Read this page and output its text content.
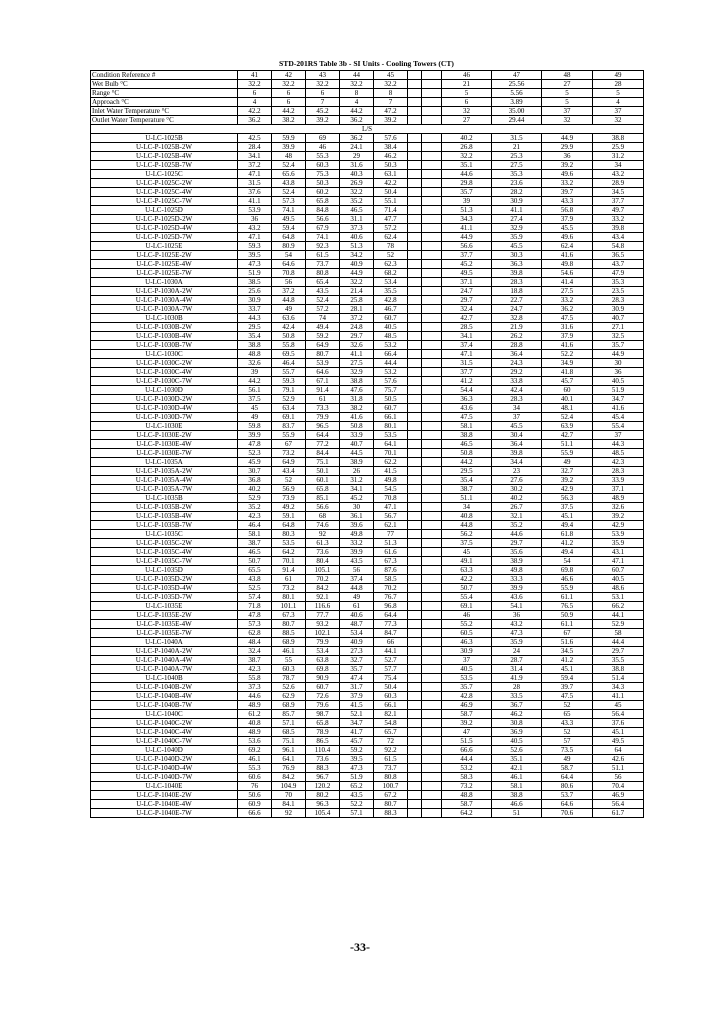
STD-201RS Table 3b - SI Units - Cooling Towers (CT)
Condition Reference #	41	42	43	44	45			46	47	48	49
Wet Bulb °C	32.2	32.2	32.2	32.2	32.2			21	25.56	27	28
Range °C	6	6	6	8	8			5	5.56	5	5
Approach °C	4	6	7	4	7			6	3.89	5	4
Inlet Water Temperature °C	42.2	44.2	45.2	44.2	47.2			32	35.00	37	37
Outlet Water Temperature °C	36.2	38.2	39.2	36.2	39.2			27	29.44	32	32
L/S											
U-LC-1025B	42.5	59.9	69	36.2	57.6			40.2	31.5	44.9	38.8
U-LC-P-1025B-2W	28.4	39.9	46	24.1	38.4			26.8	21	29.9	25.9
U-LC-P-1025B-4W	34.1	48	55.3	29	46.2			32.2	25.3	36	31.2
U-LC-P-1025B-7W	37.2	52.4	60.3	31.6	50.3			35.1	27.5	39.2	34
U-LC-1025C	47.1	65.6	75.3	40.3	63.1			44.6	35.3	49.6	43.2
U-LC-P-1025C-2W	31.5	43.8	50.3	26.9	42.2			29.8	23.6	33.2	28.9
U-LC-P-1025C-4W	37.6	52.4	60.2	32.2	50.4			35.7	28.2	39.7	34.5
U-LC-P-1025C-7W	41.1	57.3	65.8	35.2	55.1			39	30.9	43.3	37.7
U-LC-1025D	53.9	74.1	84.8	46.5	71.4			51.3	41.1	56.8	49.7
U-LC-P-1025D-2W	36	49.5	56.6	31.1	47.7			34.3	27.4	37.9	33.2
U-LC-P-1025D-4W	43.2	59.4	67.9	37.3	57.2			41.1	32.9	45.5	39.8
U-LC-P-1025D-7W	47.1	64.8	74.1	40.6	62.4			44.9	35.9	49.6	43.4
U-LC-1025E	59.3	80.9	92.3	51.3	78			56.6	45.5	62.4	54.8
U-LC-P-1025E-2W	39.5	54	61.5	34.2	52			37.7	30.3	41.6	36.5
U-LC-P-1025E-4W	47.3	64.6	73.7	40.9	62.3			45.2	36.3	49.8	43.7
U-LC-P-1025E-7W	51.9	70.8	80.8	44.9	68.2			49.5	39.8	54.6	47.9
U-LC-1030A	38.5	56	65.4	32.2	53.4			37.1	28.3	41.4	35.3
U-LC-P-1030A-2W	25.6	37.2	43.5	21.4	35.5			24.7	18.8	27.5	23.5
U-LC-P-1030A-4W	30.9	44.8	52.4	25.8	42.8			29.7	22.7	33.2	28.3
U-LC-P-1030A-7W	33.7	49	57.2	28.1	46.7			32.4	24.7	36.2	30.9
U-LC-1030B	44.3	63.6	74	37.2	60.7			42.7	32.8	47.5	40.7
U-LC-P-1030B-2W	29.5	42.4	49.4	24.8	40.5			28.5	21.9	31.6	27.1
U-LC-P-1030B-4W	35.4	50.8	59.2	29.7	48.5			34.1	26.2	37.9	32.5
U-LC-P-1030B-7W	38.8	55.8	64.9	32.6	53.2			37.4	28.8	41.6	35.7
U-LC-1030C	48.8	69.5	80.7	41.1	66.4			47.1	36.4	52.2	44.9
U-LC-P-1030C-2W	32.6	46.4	53.9	27.5	44.4			31.5	24.3	34.9	30
U-LC-P-1030C-4W	39	55.7	64.6	32.9	53.2			37.7	29.2	41.8	36
U-LC-P-1030C-7W	44.2	59.3	67.1	38.8	57.6			41.2	33.8	45.7	40.5
U-LC-1030D	56.1	79.1	91.4	47.6	75.7			54.4	42.4	60	51.9
U-LC-P-1030D-2W	37.5	52.9	61	31.8	50.5			36.3	28.3	40.1	34.7
U-LC-P-1030D-4W	45	63.4	73.3	38.2	60.7			43.6	34	48.1	41.6
U-LC-P-1030D-7W	49	69.1	79.9	41.6	66.1			47.5	37	52.4	45.4
U-LC-1030E	59.8	83.7	96.5	50.8	80.1			58.1	45.5	63.9	55.4
U-LC-P-1030E-2W	39.9	55.9	64.4	33.9	53.5			38.8	30.4	42.7	37
U-LC-P-1030E-4W	47.8	67	77.2	40.7	64.1			46.5	36.4	51.1	44.3
U-LC-P-1030E-7W	52.3	73.2	84.4	44.5	70.1			50.8	39.8	55.9	48.5
U-LC-1035A	45.9	64.9	75.1	38.9	62.2			44.2	34.4	49	42.3
U-LC-P-1035A-2W	30.7	43.4	50.1	26	41.5			29.5	23	32.7	28.3
U-LC-P-1035A-4W	36.8	52	60.1	31.2	49.8			35.4	27.6	39.2	33.9
U-LC-P-1035A-7W	40.2	56.9	65.8	34.1	54.5			38.7	30.2	42.9	37.1
U-LC-1035B	52.9	73.9	85.1	45.2	70.8			51.1	40.2	56.3	48.9
U-LC-P-1035B-2W	35.2	49.2	56.6	30	47.1			34	26.7	37.5	32.6
U-LC-P-1035B-4W	42.3	59.1	68	36.1	56.7			40.8	32.1	45.1	39.2
U-LC-P-1035B-7W	46.4	64.8	74.6	39.6	62.1			44.8	35.2	49.4	42.9
U-LC-1035C	58.1	80.3	92	49.8	77			56.2	44.6	61.8	53.9
U-LC-P-1035C-2W	38.7	53.5	61.3	33.2	51.3			37.5	29.7	41.2	35.9
U-LC-P-1035C-4W	46.5	64.2	73.6	39.9	61.6			45	35.6	49.4	43.1
U-LC-P-1035C-7W	50.7	70.1	80.4	43.5	67.3			49.1	38.9	54	47.1
U-LC-1035D	65.5	91.4	105.1	56	87.6			63.3	49.8	69.8	60.7
U-LC-P-1035D-2W	43.8	61	70.2	37.4	58.5			42.2	33.3	46.6	40.5
U-LC-P-1035D-4W	52.5	73.2	84.2	44.8	70.2			50.7	39.9	55.9	48.6
U-LC-P-1035D-7W	57.4	80.1	92.1	49	76.7			55.4	43.6	61.1	53.1
U-LC-1035E	71.8	101.1	116.6	61	96.8			69.1	54.1	76.5	66.2
U-LC-P-1035E-2W	47.8	67.3	77.7	40.6	64.4			46	36	50.9	44.1
U-LC-P-1035E-4W	57.3	80.7	93.2	48.7	77.3			55.2	43.2	61.1	52.9
U-LC-P-1035E-7W	62.8	88.5	102.1	53.4	84.7			60.5	47.3	67	58
U-LC-1040A	48.4	68.9	79.9	40.9	66			46.3	35.9	51.6	44.4
U-LC-P-1040A-2W	32.4	46.1	53.4	27.3	44.1			30.9	24	34.5	29.7
U-LC-P-1040A-4W	38.7	55	63.8	32.7	52.7			37	28.7	41.2	35.5
U-LC-P-1040A-7W	42.3	60.3	69.8	35.7	57.7			40.5	31.4	45.1	38.8
U-LC-1040B	55.8	78.7	90.9	47.4	75.4			53.5	41.9	59.4	51.4
U-LC-P-1040B-2W	37.3	52.6	60.7	31.7	50.4			35.7	28	39.7	34.3
U-LC-P-1040B-4W	44.6	62.9	72.6	37.9	60.3			42.8	33.5	47.5	41.1
U-LC-P-1040B-7W	48.9	68.9	79.6	41.5	66.1			46.9	36.7	52	45
U-LC-1040C	61.2	85.7	98.7	52.1	82.1			58.7	46.2	65	56.4
U-LC-P-1040C-2W	40.8	57.1	65.8	34.7	54.8			39.2	30.8	43.3	37.6
U-LC-P-1040C-4W	48.9	68.5	78.9	41.7	65.7			47	36.9	52	45.1
U-LC-P-1040C-7W	53.6	75.1	86.5	45.7	72			51.5	40.5	57	49.5
U-LC-1040D	69.2	96.1	110.4	59.2	92.2			66.6	52.6	73.5	64
U-LC-P-1040D-2W	46.1	64.1	73.6	39.5	61.5			44.4	35.1	49	42.6
U-LC-P-1040D-4W	55.3	76.9	88.3	47.3	73.7			53.2	42.1	58.7	51.1
U-LC-P-1040D-7W	60.6	84.2	96.7	51.9	80.8			58.3	46.1	64.4	56
U-LC-1040E	76	104.9	120.2	65.2	100.7			73.2	58.1	80.6	70.4
U-LC-P-1040E-2W	50.6	70	80.2	43.5	67.2			48.8	38.8	53.7	46.9
U-LC-P-1040E-4W	60.9	84.1	96.3	52.2	80.7			58.7	46.6	64.6	56.4
U-LC-P-1040E-7W	66.6	92	105.4	57.1	88.3			64.2	51	70.6	61.7
-33-
